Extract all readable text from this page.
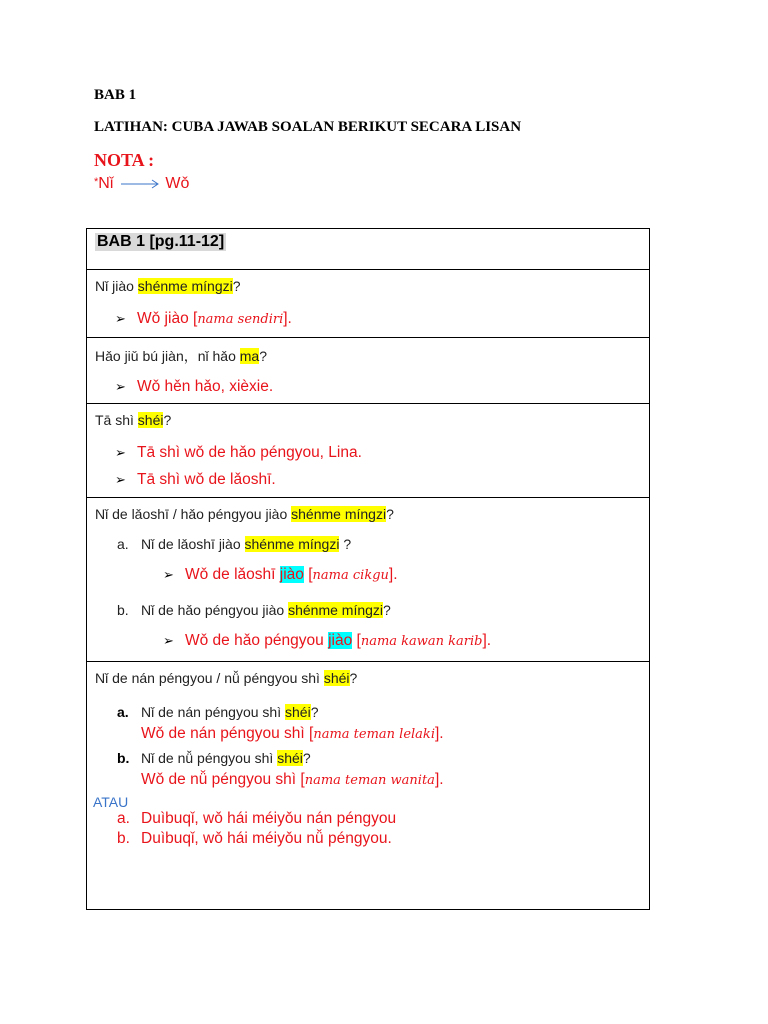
BAB 1
LATIHAN: CUBA JAWAB SOALAN BERIKUT SECARA LISAN
NOTA :
* Nǐ	Wǒ
BAB 1 [pg.11-12]
Nǐ jiào shénme míngzi?
➢ Wǒ jiào [nama sendiri].
Hǎo jiǔ bú jiàn，nǐ hǎo ma?
➢ Wǒ hěn hǎo, xièxie.
Tā shì shéi?
➢ Tā shì wǒ de hǎo péngyou, Lina.
➢ Tā shì wǒ de lǎoshī.
Nǐ de lǎoshī / hǎo péngyou jiào shénme míngzi?
a. Nǐ de lǎoshī jiào shénme míngzi ?
➢ Wǒ de lǎoshī jiào [nama cikgu].
b. Nǐ de hǎo péngyou jiào shénme míngzi?
➢ Wǒ de hǎo péngyou jiào [nama kawan karib].
Nǐ de nán péngyou / nǚ péngyou shì shéi?
a. Nǐ de nán péngyou shì shéi?
Wǒ de nán péngyou shì [nama teman lelaki].
b. Nǐ de nǚ péngyou shì shéi?
Wǒ de nǚ péngyou shì [nama teman wanita].
ATAU
a. Duìbuqǐ, wǒ hái méiyǒu nán péngyou
b. Duìbuqǐ, wǒ hái méiyǒu nǚ péngyou.
